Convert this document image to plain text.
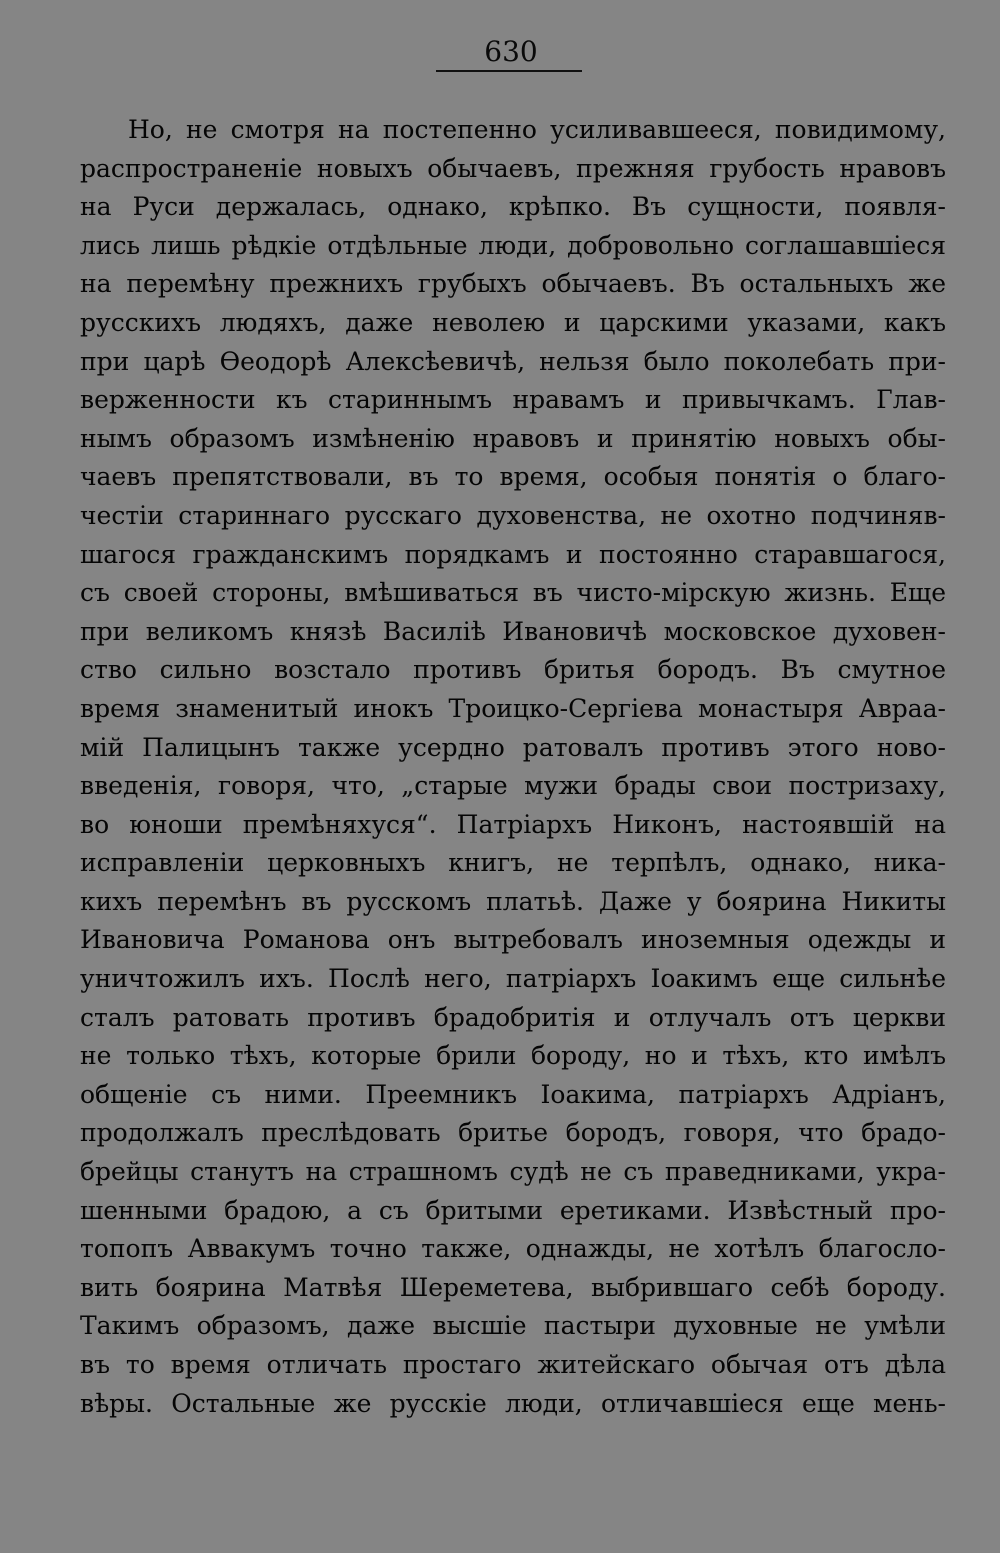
630
Но, не смотря на постепенно усиливавшееся, повидимому,
распространеніе новыхъ обычаевъ, прежняя грубость нравовъ
на Руси держалась, однако, крѣпко. Въ сущности, появля-
лись лишь рѣдкіе отдѣльные люди, добровольно соглашавшіеся
на перемѣну прежнихъ грубыхъ обычаевъ. Въ остальныхъ же
русскихъ людяхъ, даже неволею и царскими указами, какъ
при царѣ Ѳеодорѣ Алексѣевичѣ, нельзя было поколебать при-
верженности къ стариннымъ нравамъ и привычкамъ. Глав-
нымъ образомъ измѣненію нравовъ и принятію новыхъ обы-
чаевъ препятствовали, въ то время, особыя понятія о благо-
честіи стариннаго русскаго духовенства, не охотно подчиняв-
шагося гражданскимъ порядкамъ и постоянно старавшагося,
съ своей стороны, вмѣшиваться въ чисто-мірскую жизнь. Еще
при великомъ князѣ Василіѣ Ивановичѣ московское духовен-
ство сильно возстало противъ бритья бородъ. Въ смутное
время знаменитый инокъ Троицко-Сергіева монастыря Авраа-
мій Палицынъ также усердно ратовалъ противъ этого ново-
введенія, говоря, что, „старые мужи брады свои постризаху,
во юноши премѣняхуся“. Патріархъ Никонъ, настоявшій на
исправленіи церковныхъ книгъ, не терпѣлъ, однако, ника-
кихъ перемѣнъ въ русскомъ платьѣ. Даже у боярина Никиты
Ивановича Романова онъ вытребовалъ иноземныя одежды и
уничтожилъ ихъ. Послѣ него, патріархъ Іоакимъ еще сильнѣе
сталъ ратовать противъ брадобритія и отлучалъ отъ церкви
не только тѣхъ, которые брили бороду, но и тѣхъ, кто имѣлъ
общеніе съ ними. Преемникъ Іоакима, патріархъ Адріанъ,
продолжалъ преслѣдовать бритье бородъ, говоря, что брадо-
брейцы станутъ на страшномъ судѣ не съ праведниками, укра-
шенными брадою, а съ бритыми еретиками. Извѣстный про-
топопъ Аввакумъ точно также, однажды, не хотѣлъ благосло-
вить боярина Матвѣя Шереметева, выбрившаго себѣ бороду.
Такимъ образомъ, даже высшіе пастыри духовные не умѣли
въ то время отличать простаго житейскаго обычая отъ дѣла
вѣры. Остальные же русскіе люди, отличавшіеся еще мень-
